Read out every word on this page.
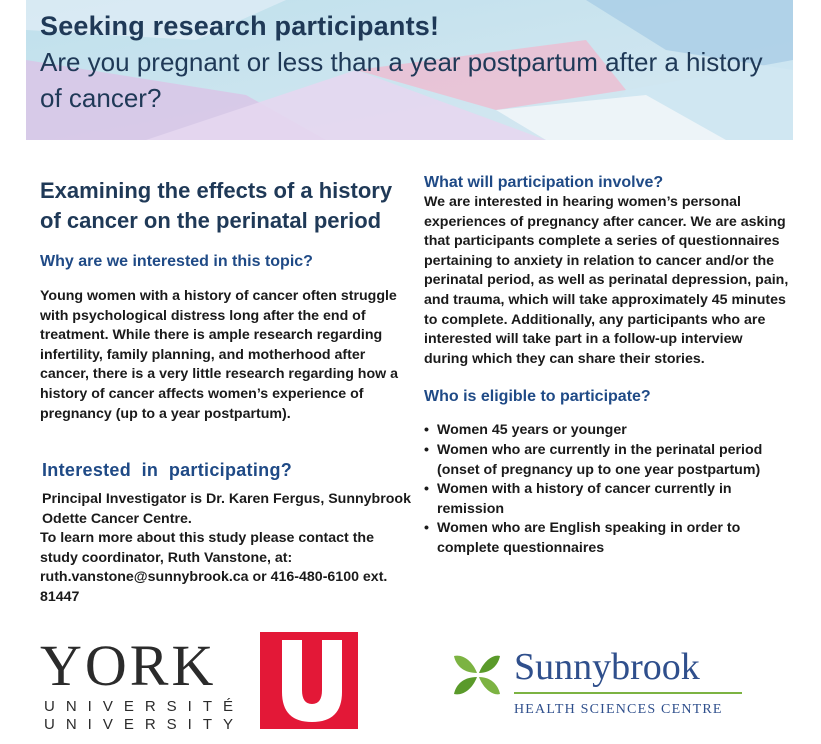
Seeking research participants!
Are you pregnant or less than a year postpartum after a history of cancer?
Examining the effects of a history of cancer on the perinatal period
Why are we interested in this topic?
Young women with a history of cancer often struggle with psychological distress long after the end of treatment. While there is ample research regarding infertility, family planning, and motherhood after cancer, there is a very little research regarding how a history of cancer affects women’s experience of pregnancy (up to a year postpartum).
Interested  in  participating?
Principal Investigator is Dr. Karen Fergus, Sunnybrook Odette Cancer Centre.
To learn more about this study please contact the study coordinator, Ruth Vanstone, at: ruth.vanstone@sunnybrook.ca or 416-480-6100 ext. 81447
What will participation involve?
We are interested in hearing women’s personal experiences of pregnancy after cancer. We are asking that participants complete a series of questionnaires pertaining to anxiety in relation to cancer and/or the perinatal period, as well as perinatal depression, pain, and trauma, which will take approximately 45 minutes to complete. Additionally, any participants who are interested will take part in a follow-up interview during which they can share their stories.
Who is eligible to participate?
• Women 45 years or younger
• Women who are currently in the perinatal period (onset of pregnancy up to one year postpartum)
• Women with a history of cancer currently in remission
• Women who are English speaking in order to complete questionnaires
YORK
UNIVERSITÉ
UNIVERSITY
Sunnybrook
HEALTH SCIENCES CENTRE
